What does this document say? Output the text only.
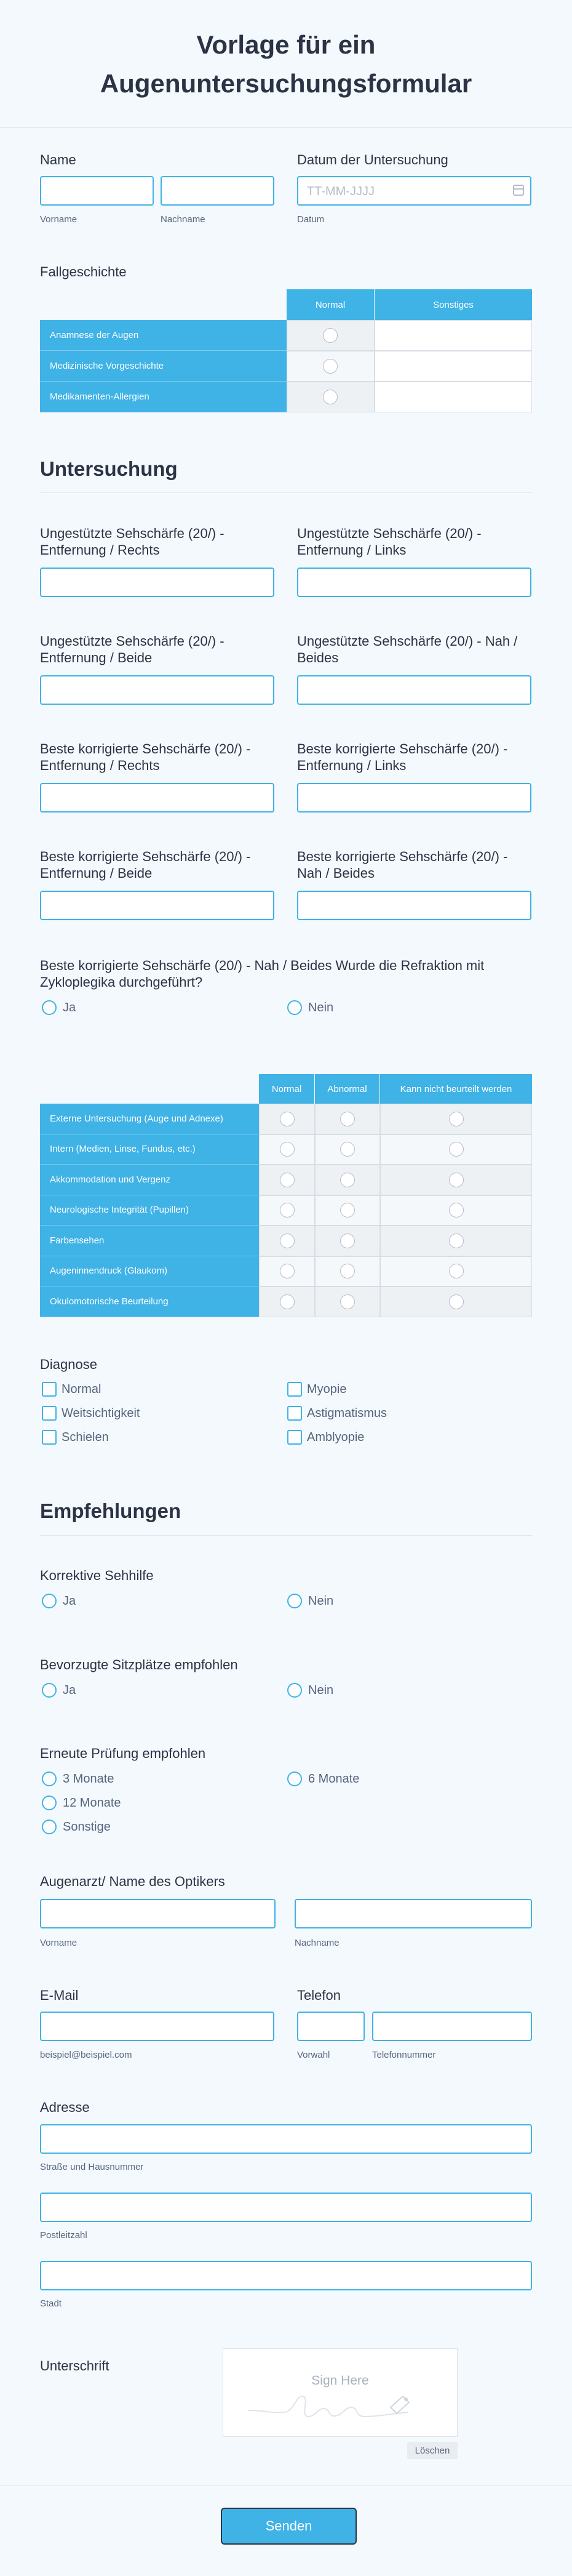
Vorlage für ein Augenuntersuchungsformular
Name
Vorname	Nachname
Datum der Untersuchung
TT-MM-JJJJ
Datum
Fallgeschichte
Normal	Sonstiges
Anamnese der Augen
Medizinische Vorgeschichte
Medikamenten-Allergien
Untersuchung
Ungestützte Sehschärfe (20/) - Entfernung / Rechts
Ungestützte Sehschärfe (20/) - Entfernung / Links
Ungestützte Sehschärfe (20/) - Entfernung / Beide
Ungestützte Sehschärfe (20/) - Nah / Beides
Beste korrigierte Sehschärfe (20/) - Entfernung / Rechts
Beste korrigierte Sehschärfe (20/) - Entfernung / Links
Beste korrigierte Sehschärfe (20/) - Entfernung / Beide
Beste korrigierte Sehschärfe (20/) - Nah / Beides
Beste korrigierte Sehschärfe (20/) - Nah / Beides Wurde die Refraktion mit Zykloplegika durchgeführt?
Ja	Nein
Normal	Abnormal	Kann nicht beurteilt werden
Externe Untersuchung (Auge und Adnexe)
Intern (Medien, Linse, Fundus, etc.)
Akkommodation und Vergenz
Neurologische Integrität (Pupillen)
Farbensehen
Augeninnendruck (Glaukom)
Okulomotorische Beurteilung
Diagnose
Normal	Myopie
Weitsichtigkeit	Astigmatismus
Schielen	Amblyopie
Empfehlungen
Korrektive Sehhilfe
Ja	Nein
Bevorzugte Sitzplätze empfohlen
Ja	Nein
Erneute Prüfung empfohlen
3 Monate	6 Monate
12 Monate
Sonstige
Augenarzt/ Name des Optikers
Vorname	Nachname
E-Mail
beispiel@beispiel.com
Telefon
Vorwahl	Telefonnummer
Adresse
Straße und Hausnummer
Postleitzahl
Stadt
Unterschrift
Sign Here
Löschen
Senden
